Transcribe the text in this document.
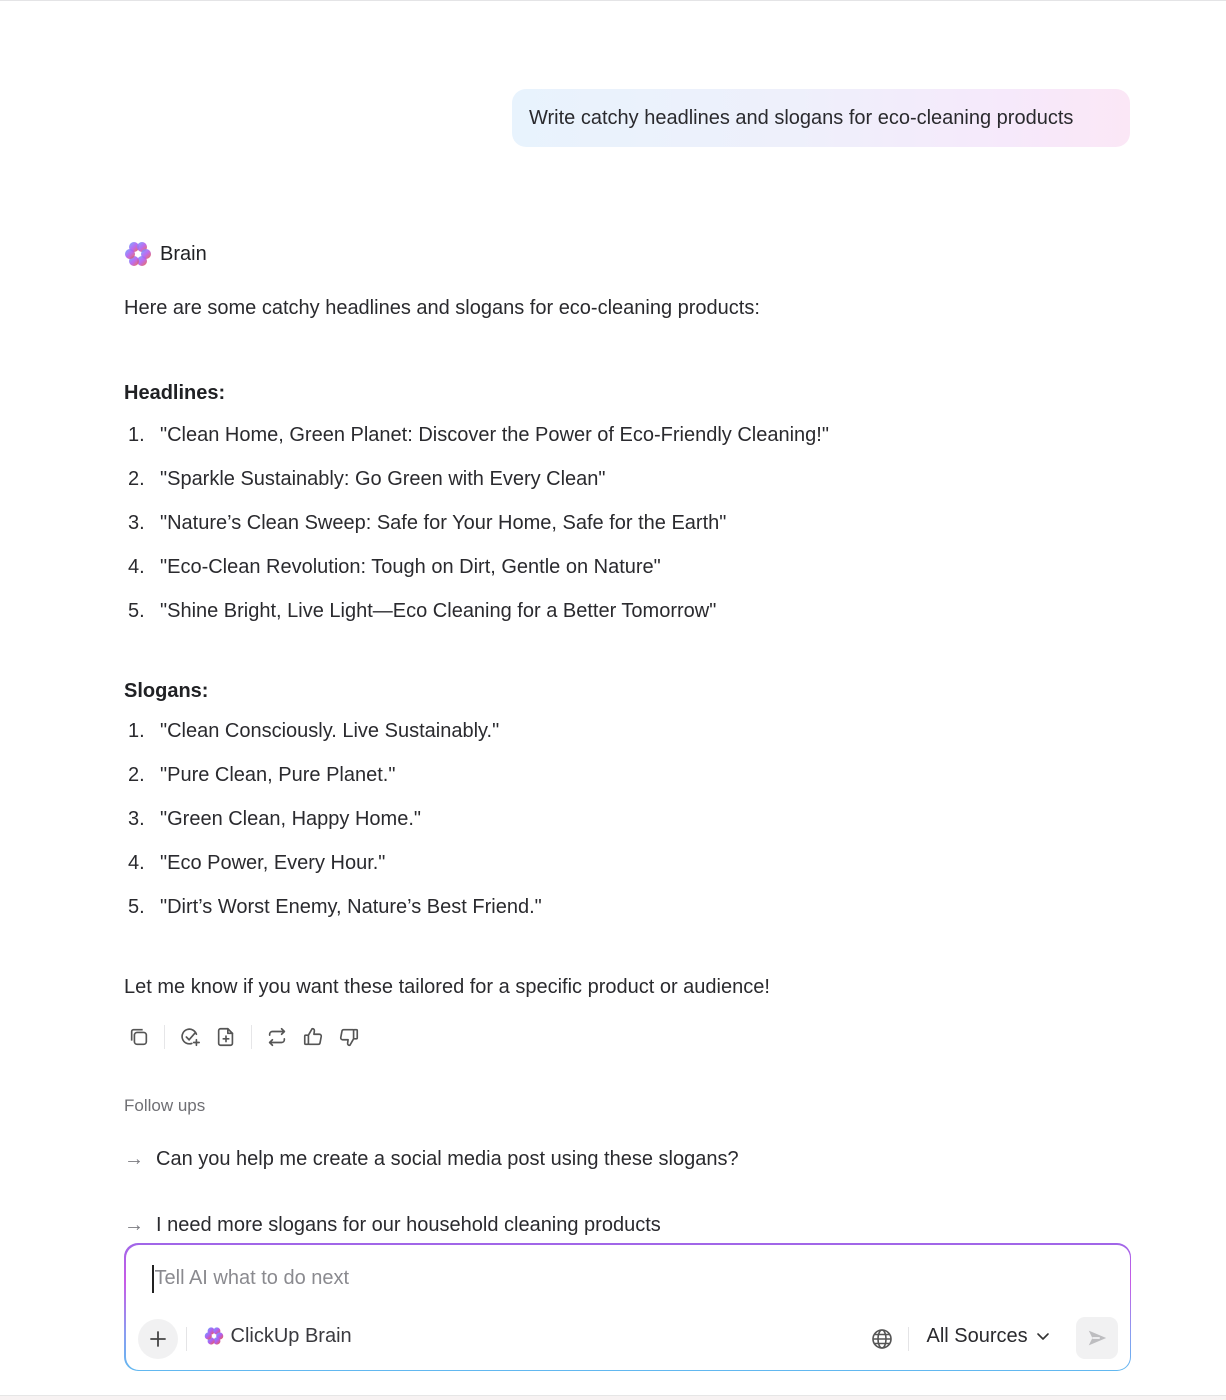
Write catchy headlines and slogans for eco-cleaning products
Brain
Here are some catchy headlines and slogans for eco-cleaning products:
Headlines:
1. "Clean Home, Green Planet: Discover the Power of Eco-Friendly Cleaning!"
2. "Sparkle Sustainably: Go Green with Every Clean"
3. "Nature’s Clean Sweep: Safe for Your Home, Safe for the Earth"
4. "Eco-Clean Revolution: Tough on Dirt, Gentle on Nature"
5. "Shine Bright, Live Light—Eco Cleaning for a Better Tomorrow"
Slogans:
1. "Clean Consciously. Live Sustainably."
2. "Pure Clean, Pure Planet."
3. "Green Clean, Happy Home."
4. "Eco Power, Every Hour."
5. "Dirt’s Worst Enemy, Nature’s Best Friend."
Let me know if you want these tailored for a specific product or audience!
Follow ups
→ Can you help me create a social media post using these slogans?
→ I need more slogans for our household cleaning products
Tell AI what to do next
ClickUp Brain	All Sources
